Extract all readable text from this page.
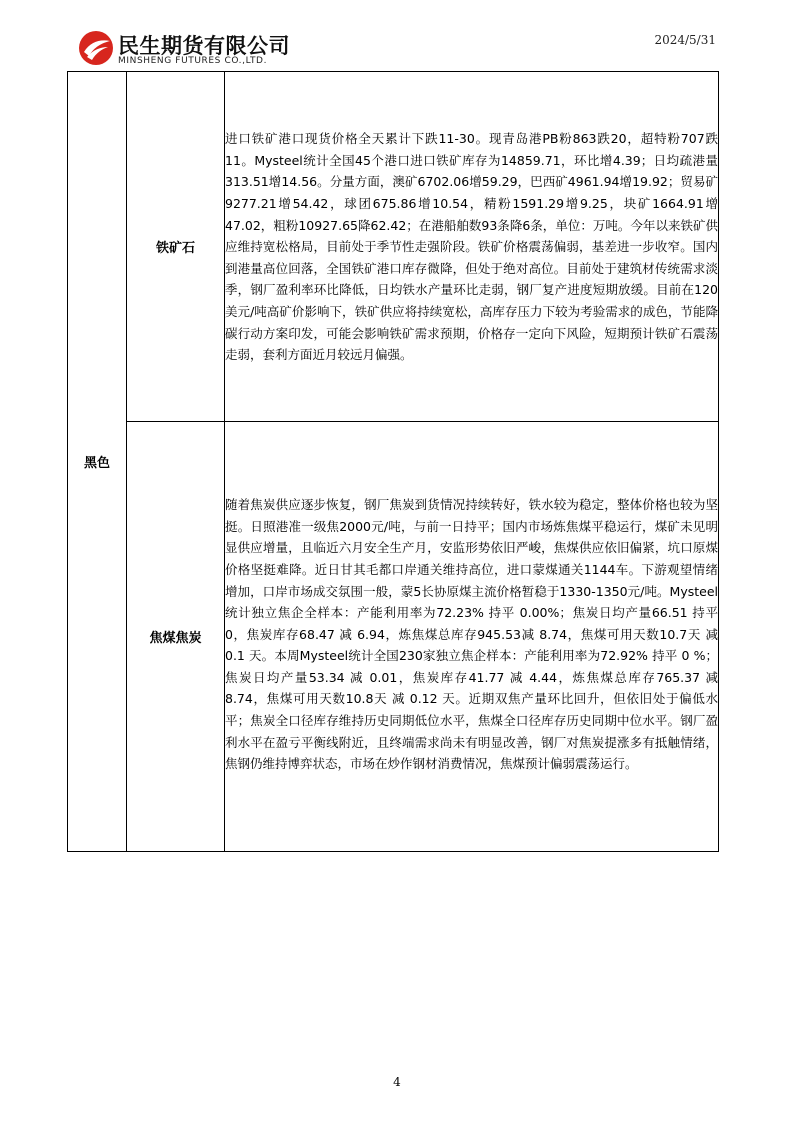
民生期货有限公司
MINSHENG FUTURES CO.,LTD.
2024/5/31
黑色	铁矿石	进口铁矿港口现货价格全天累计下跌11-30。现青岛港PB粉863跌20，超特粉707跌11。Mysteel统计全国45个港口进口铁矿库存为14859.71，环比增4.39；日均疏港量313.51增14.56。分量方面，澳矿6702.06增59.29，巴西矿4961.94增19.92；贸易矿9277.21增54.42，球团675.86增10.54，精粉1591.29增9.25，块矿1664.91增47.02，粗粉10927.65降62.42；在港船舶数93条降6条，单位：万吨。今年以来铁矿供应维持宽松格局，目前处于季节性走强阶段。铁矿价格震荡偏弱，基差进一步收窄。国内到港量高位回落，全国铁矿港口库存微降，但处于绝对高位。目前处于建筑材传统需求淡季，钢厂盈利率环比降低，日均铁水产量环比走弱，钢厂复产进度短期放缓。目前在120美元/吨高矿价影响下，铁矿供应将持续宽松，高库存压力下较为考验需求的成色，节能降碳行动方案印发，可能会影响铁矿需求预期，价格存一定向下风险，短期预计铁矿石震荡走弱，套利方面近月较远月偏强。
	焦煤焦炭	随着焦炭供应逐步恢复，钢厂焦炭到货情况持续转好，铁水较为稳定，整体价格也较为坚挺。日照港准一级焦2000元/吨，与前一日持平；国内市场炼焦煤平稳运行，煤矿未见明显供应增量，且临近六月安全生产月，安监形势依旧严峻，焦煤供应依旧偏紧，坑口原煤价格坚挺难降。近日甘其毛都口岸通关维持高位，进口蒙煤通关1144车。下游观望情绪增加，口岸市场成交氛围一般，蒙5长协原煤主流价格暂稳于1330-1350元/吨。Mysteel统计独立焦企全样本：产能利用率为72.23% 持平 0.00%；焦炭日均产量66.51 持平 0，焦炭库存68.47 减 6.94，炼焦煤总库存945.53减 8.74，焦煤可用天数10.7天 减 0.1 天。本周Mysteel统计全国230家独立焦企样本：产能利用率为72.92% 持平 0 %；焦炭日均产量53.34 减 0.01，焦炭库存41.77 减 4.44，炼焦煤总库存765.37 减 8.74，焦煤可用天数10.8天 减 0.12 天。近期双焦产量环比回升，但依旧处于偏低水平；焦炭全口径库存维持历史同期低位水平，焦煤全口径库存历史同期中位水平。钢厂盈利水平在盈亏平衡线附近，且终端需求尚未有明显改善，钢厂对焦炭提涨多有抵触情绪，焦钢仍维持博弈状态，市场在炒作钢材消费情况，焦煤预计偏弱震荡运行。
4
